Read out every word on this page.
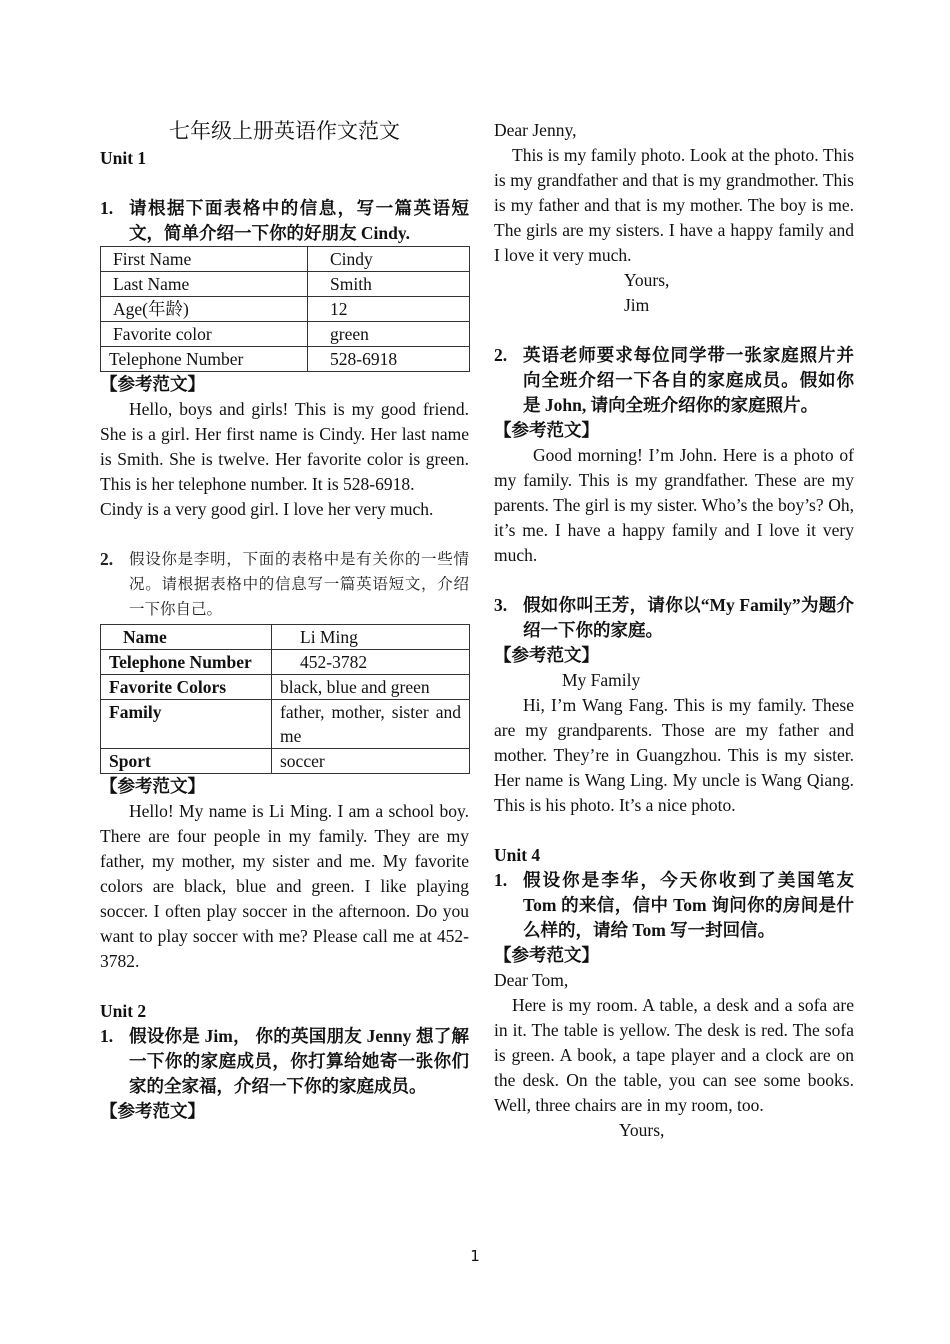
七年级上册英语作文范文

Unit 1

1. 请根据下面表格中的信息，写一篇英语短文，简单介绍一下你的好朋友 Cindy.
First Name	Cindy
Last Name	Smith
Age(年龄)	12
Favorite color	green
Telephone Number	528-6918

【参考范文】

Hello, boys and girls! This is my good friend. She is a girl. Her first name is Cindy. Her last name is Smith. She is twelve. Her favorite color is green. This is her telephone number. It is 528-6918.

Cindy is a very good girl. I love her very much.

2.	假设你是李明，下面的表格中是有关你的一些情况。请根据表格中的信息写一篇英语短文，介绍一下你自己。
Name	Li Ming
Telephone Number	452-3782
Favorite Colors	black, blue and green
Family	father, mother, sister and me
Sport	soccer

【参考范文】

Hello! My name is Li Ming. I am a school boy. There are four people in my family. They are my father, my mother, my sister and me. My favorite colors are black, blue and green. I like playing soccer. I often play soccer in the afternoon. Do you want to play soccer with me? Please call me at 452-3782.

Unit 2

1. 假设你是 Jim， 你的英国朋友 Jenny 想了解一下你的家庭成员，你打算给她寄一张你们家的全家福，介绍一下你的家庭成员。

【参考范文】

Dear Jenny,

This is my family photo. Look at the photo. This is my grandfather and that is my grandmother. This is my father and that is my mother. The boy is me. The girls are my sisters. I have a happy family and I love it very much.

Yours,

Jim

2. 英语老师要求每位同学带一张家庭照片并向全班介绍一下各自的家庭成员。假如你是 John, 请向全班介绍你的家庭照片。

【参考范文】

Good morning! I’m John. Here is a photo of my family. This is my grandfather. These are my parents. The girl is my sister. Who’s the boy’s? Oh, it’s me. I have a happy family and I love it very much.

3. 假如你叫王芳，请你以“My Family”为题介绍一下你的家庭。

【参考范文】

My Family

Hi, I’m Wang Fang. This is my family. These are my grandparents. Those are my father and mother. They’re in Guangzhou. This is my sister. Her name is Wang Ling. My uncle is Wang Qiang. This is his photo. It’s a nice photo.

Unit 4

1. 假设你是李华，今天你收到了美国笔友 Tom 的来信，信中 Tom 询问你的房间是什么样的，请给 Tom 写一封回信。

【参考范文】

Dear Tom,

Here is my room. A table, a desk and a sofa are in it. The table is yellow. The desk is red. The sofa is green. A book, a tape player and a clock are on the desk. On the table, you can see some books. Well, three chairs are in my room, too.

Yours,

1
